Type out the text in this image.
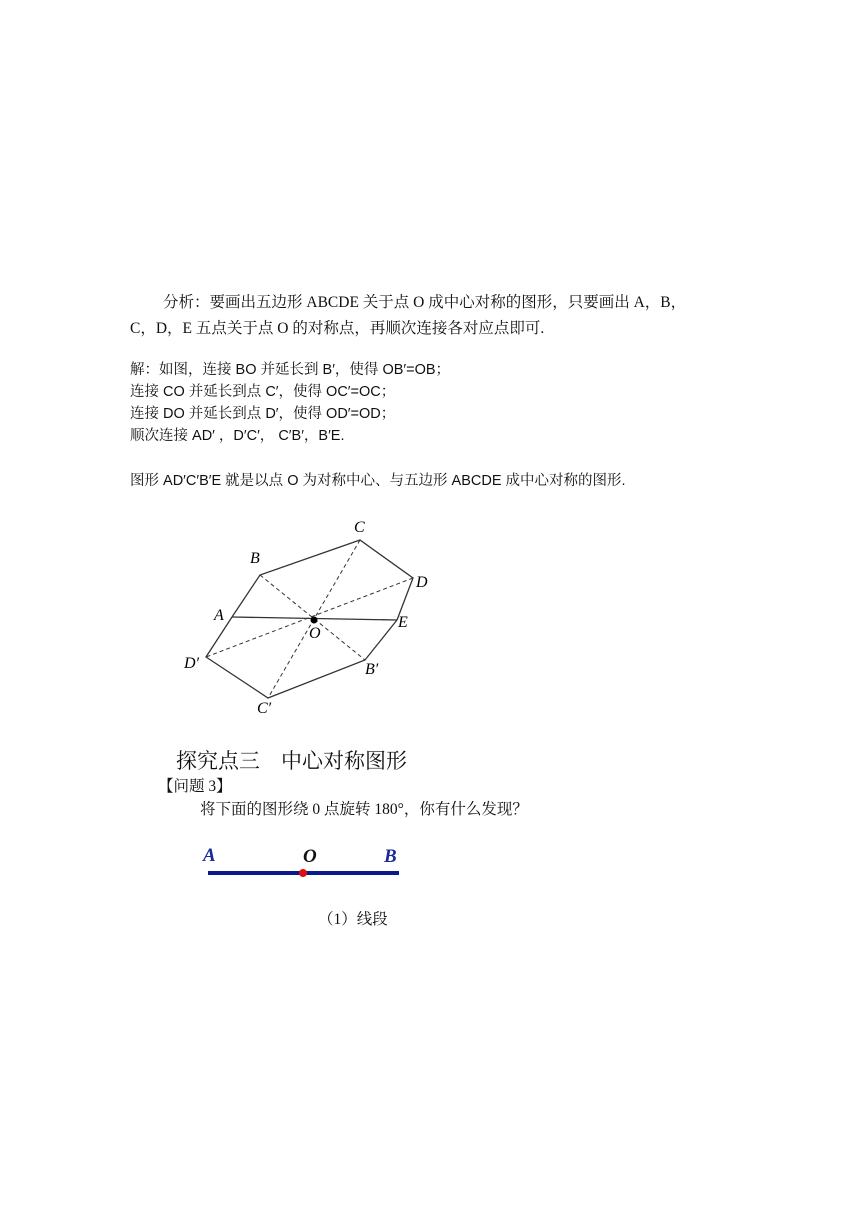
分析：要画出五边形 ABCDE 关于点 O 成中心对称的图形，只要画出 A，B，
C，D，E 五点关于点 O 的对称点，再顺次连接各对应点即可.
解：如图，连接 BO 并延长到 B′，使得 OB′=OB；
连接 CO 并延长到点 C′，使得 OC′=OC；
连接 DO 并延长到点 D′，使得 OD′=OD；
顺次连接 AD′ ，D′C′， C′B′，B′E.
图形 AD′C′B′E 就是以点 O 为对称中心、与五边形 ABCDE 成中心对称的图形.
C
B
D
A	E
O
D′	B′
C′
探究点三　中心对称图形
【问题 3】
将下面的图形绕 0 点旋转 180°，你有什么发现？
A	O	B
（1）线段
